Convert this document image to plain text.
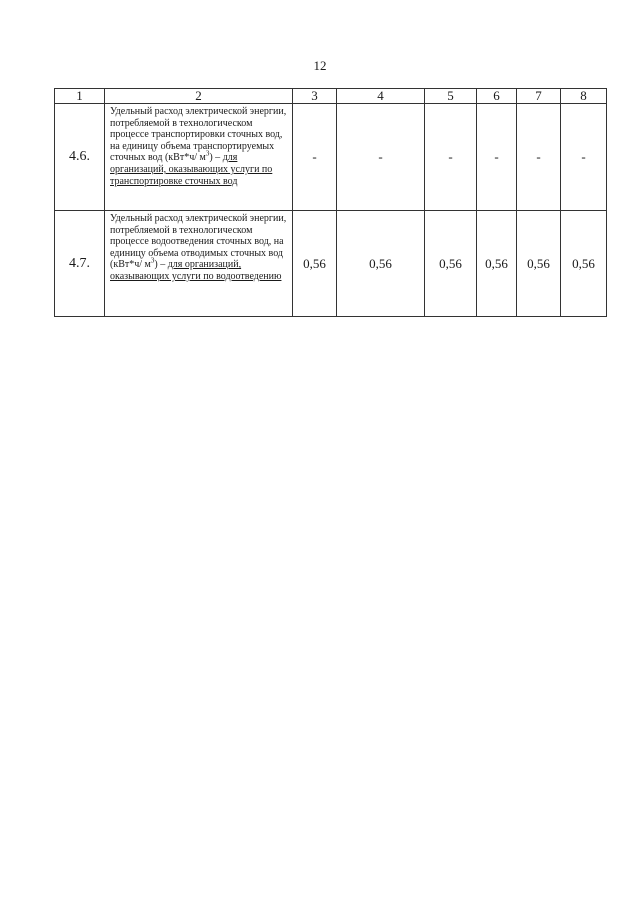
12
1	2	3	4	5	6	7	8
4.6.	Удельный расход электрической энергии, потребляемой в технологическом процессе транспортировки сточных вод, на единицу объема транспортируемых сточных вод (кВт*ч/ $м^3$) – для организаций, оказывающих услуги по транспортировке сточных вод	-	-	-	-	-	-
4.7.	Удельный расход электрической энергии, потребляемой в технологическом процессе водоотведения сточных вод, на единицу объема отводимых сточных вод (кВт*ч/ $м^3$) – для организаций, оказывающих услуги по водоотведению	0,56	0,56	0,56	0,56	0,56	0,56
